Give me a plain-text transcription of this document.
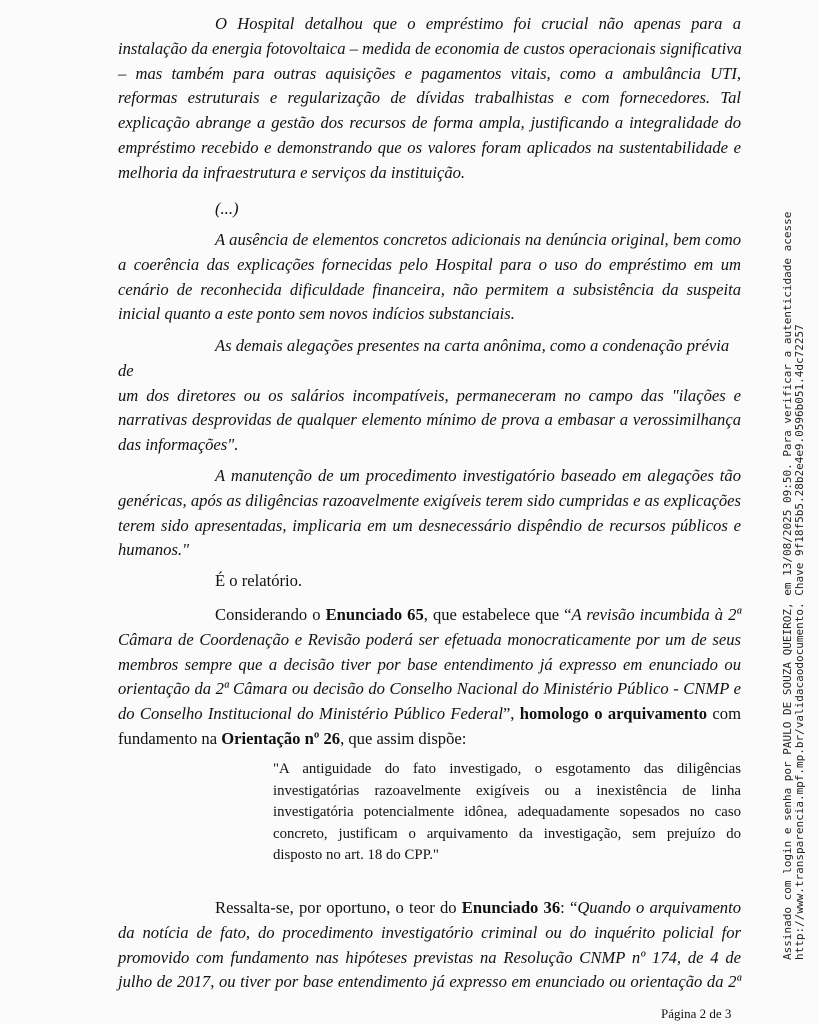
O Hospital detalhou que o empréstimo foi crucial não apenas para a
instalação da energia fotovoltaica – medida de economia de custos operacionais significativa
– mas também para outras aquisições e pagamentos vitais, como a ambulância UTI,
reformas estruturais e regularização de dívidas trabalhistas e com fornecedores. Tal
explicação abrange a gestão dos recursos de forma ampla, justificando a integralidade do
empréstimo recebido e demonstrando que os valores foram aplicados na sustentabilidade e
melhoria da infraestrutura e serviços da instituição.

(...)

A ausência de elementos concretos adicionais na denúncia original, bem como
a coerência das explicações fornecidas pelo Hospital para o uso do empréstimo em um
cenário de reconhecida dificuldade financeira, não permitem a subsistência da suspeita
inicial quanto a este ponto sem novos indícios substanciais.

As demais alegações presentes na carta anônima, como a condenação prévia
de
um dos diretores ou os salários incompatíveis, permaneceram no campo das "ilações e
narrativas desprovidas de qualquer elemento mínimo de prova a embasar a verossimilhança
das informações".

A manutenção de um procedimento investigatório baseado em alegações tão
genéricas, após as diligências razoavelmente exigíveis terem sido cumpridas e as explicações
terem sido apresentadas, implicaria em um desnecessário dispêndio de recursos públicos e
humanos."

É o relatório.

Considerando o Enunciado 65, que estabelece que “A revisão incumbida à 2ª
Câmara de Coordenação e Revisão poderá ser efetuada monocraticamente por um de seus
membros sempre que a decisão tiver por base entendimento já expresso em enunciado ou
orientação da 2ª Câmara ou decisão do Conselho Nacional do Ministério Público - CNMP e
do Conselho Institucional do Ministério Público Federal”, homologo o arquivamento com
fundamento na Orientação nº 26, que assim dispõe:

"A antiguidade do fato investigado, o esgotamento das diligências
investigatórias razoavelmente exigíveis ou a inexistência de linha
investigatória potencialmente idônea, adequadamente sopesados no caso
concreto, justificam o arquivamento da investigação, sem prejuízo do
disposto no art. 18 do CPP."

Ressalta-se, por oportuno, o teor do Enunciado 36: “Quando o arquivamento
da notícia de fato, do procedimento investigatório criminal ou do inquérito policial for
promovido com fundamento nas hipóteses previstas na Resolução CNMP nº 174, de 4 de
julho de 2017, ou tiver por base entendimento já expresso em enunciado ou orientação da 2ª

Página 2 de 3
Assinado com login e senha por PAULO DE SOUZA QUEIROZ, em 13/08/2025 09:50. Para verificar a autenticidade acesse http://www.transparencia.mpf.mp.br/validacaodocumento. Chave 9f18f5b5.28b2e4e9.0596b051.4dc72257
